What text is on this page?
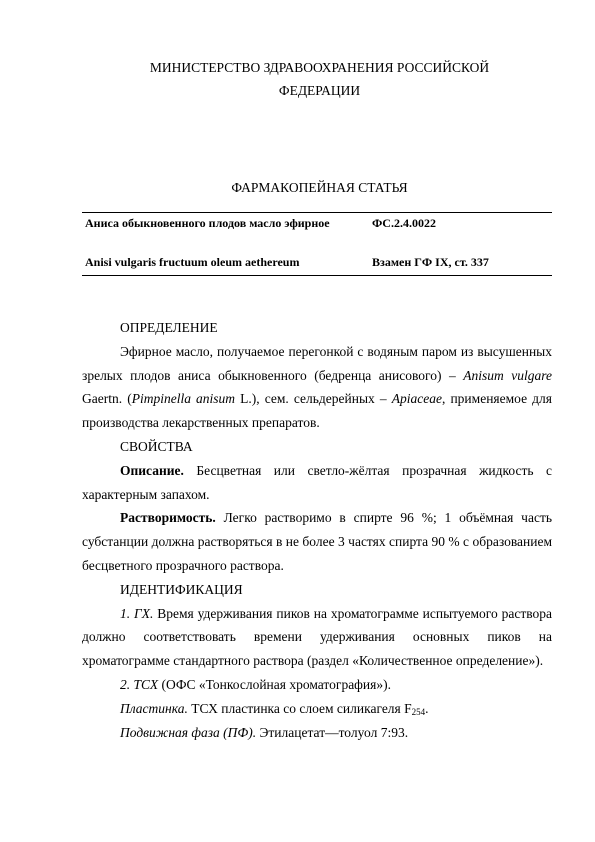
МИНИСТЕРСТВО ЗДРАВООХРАНЕНИЯ РОССИЙСКОЙ
ФЕДЕРАЦИИ
ФАРМАКОПЕЙНАЯ СТАТЬЯ
Аниса обыкновенного плодов масло эфирное	ФС.2.4.0022
Anisi vulgaris fructuum oleum aethereum	Взамен ГФ IX, ст. 337

ОПРЕДЕЛЕНИЕ

Эфирное масло, получаемое перегонкой с водяным паром из высушенных зрелых плодов аниса обыкновенного (бедренца анисового) – Anisum vulgare Gaertn. (Pimpinella anisum L.), сем. сельдерейных – Apiaceae, применяемое для производства лекарственных препаратов.

СВОЙСТВА

Описание. Бесцветная или светло-жёлтая прозрачная жидкость с характерным запахом.

Растворимость. Легко растворимо в спирте 96 %; 1 объёмная часть субстанции должна растворяться в не более 3 частях спирта 90 % с образованием бесцветного прозрачного раствора.

ИДЕНТИФИКАЦИЯ

1. ГХ. Время удерживания пиков на хроматограмме испытуемого раствора должно соответствовать времени удерживания основных пиков на хроматограмме стандартного раствора (раздел «Количественное определение»).

2. ТСХ (ОФС «Тонкослойная хроматография»).

Пластинка. ТСХ пластинка со слоем силикагеля $F_{254}$.

Подвижная фаза (ПФ). Этилацетат—толуол 7:93.
